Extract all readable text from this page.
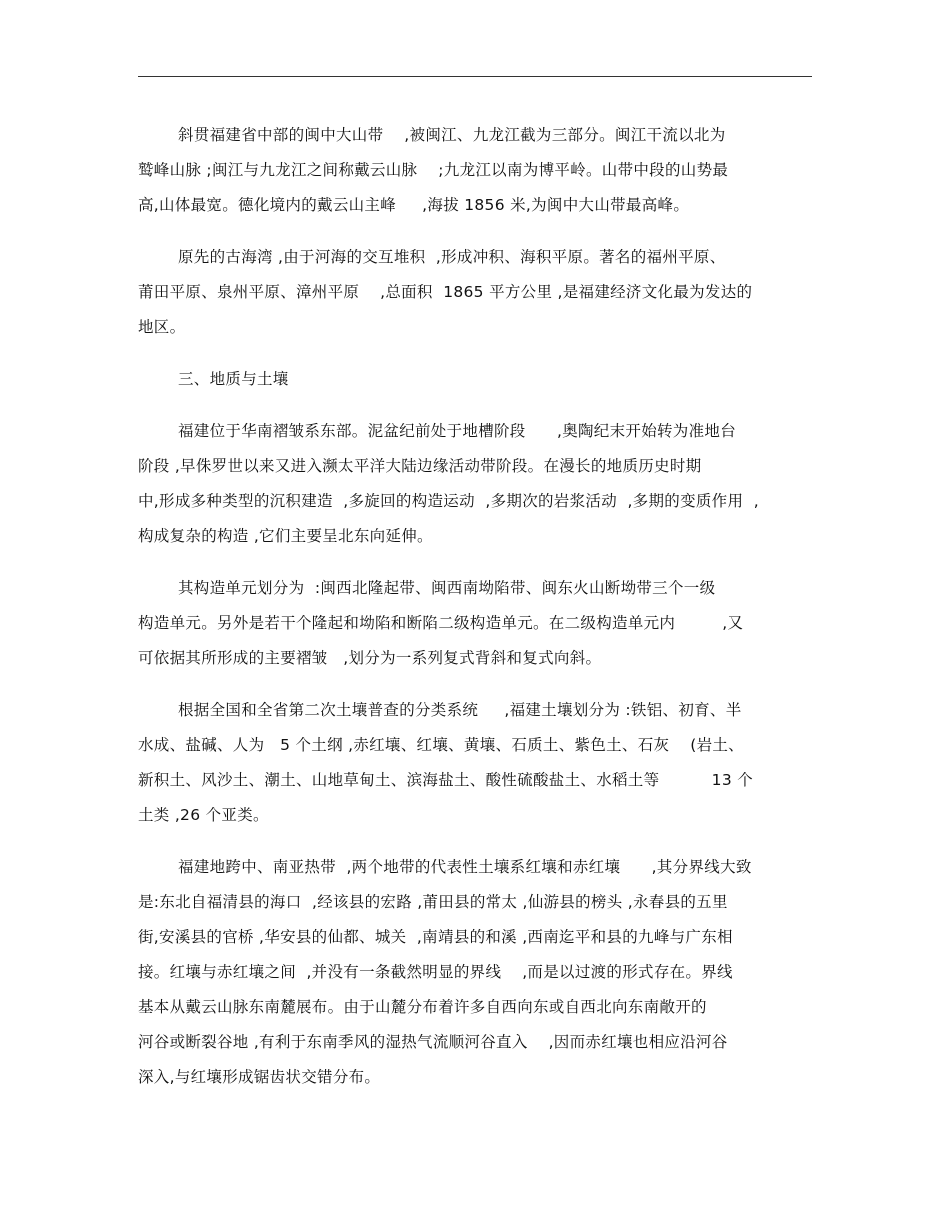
斜贯福建省中部的闽中大山带    ,被闽江、九龙江截为三部分。闽江干流以北为
鹫峰山脉 ;闽江与九龙江之间称戴云山脉    ;九龙江以南为博平岭。山带中段的山势最
高,山体最宽。德化境内的戴云山主峰     ,海拔 1856 米,为闽中大山带最高峰。
原先的古海湾 ,由于河海的交互堆积  ,形成冲积、海积平原。著名的福州平原、
莆田平原、泉州平原、漳州平原    ,总面积  1865 平方公里 ,是福建经济文化最为发达的
地区。
三、地质与土壤
福建位于华南褶皱系东部。泥盆纪前处于地槽阶段      ,奥陶纪末开始转为准地台
阶段 ,早侏罗世以来又进入濒太平洋大陆边缘活动带阶段。在漫长的地质历史时期
中,形成多种类型的沉积建造  ,多旋回的构造运动  ,多期次的岩浆活动  ,多期的变质作用  ,
构成复杂的构造 ,它们主要呈北东向延伸。
其构造单元划分为  :闽西北隆起带、闽西南坳陷带、闽东火山断坳带三个一级
构造单元。另外是若干个隆起和坳陷和断陷二级构造单元。在二级构造单元内         ,又
可依据其所形成的主要褶皱   ,划分为一系列复式背斜和复式向斜。
根据全国和全省第二次土壤普查的分类系统     ,福建土壤划分为 :铁铝、初育、半
水成、盐碱、人为   5 个土纲 ,赤红壤、红壤、黄壤、石质土、紫色土、石灰    (岩土、
新积土、风沙土、潮土、山地草甸土、滨海盐土、酸性硫酸盐土、水稻土等          13 个
土类 ,26 个亚类。
福建地跨中、南亚热带  ,两个地带的代表性土壤系红壤和赤红壤      ,其分界线大致
是:东北自福清县的海口  ,经该县的宏路 ,莆田县的常太 ,仙游县的榜头 ,永春县的五里
街,安溪县的官桥 ,华安县的仙都、城关  ,南靖县的和溪 ,西南迄平和县的九峰与广东相
接。红壤与赤红壤之间  ,并没有一条截然明显的界线    ,而是以过渡的形式存在。界线
基本从戴云山脉东南麓展布。由于山麓分布着许多自西向东或自西北向东南敞开的
河谷或断裂谷地 ,有利于东南季风的湿热气流顺河谷直入    ,因而赤红壤也相应沿河谷
深入,与红壤形成锯齿状交错分布。
